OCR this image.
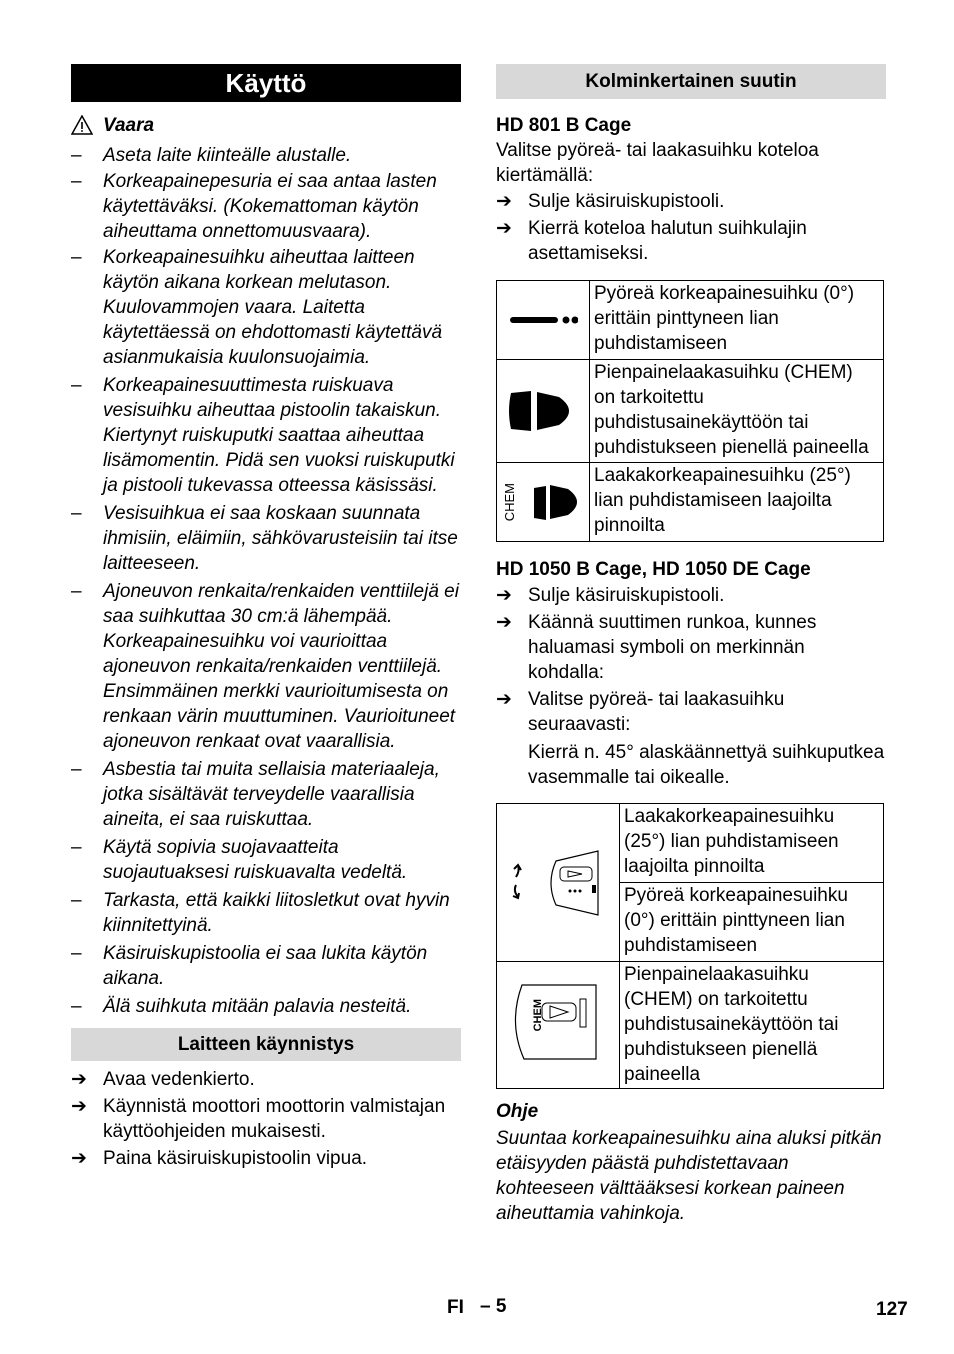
Käyttö
Vaara
–	Aseta laite kiinteälle alustalle.
–	Korkeapainepesuria ei saa antaa lasten käytettäväksi. (Kokemattoman käytön aiheuttama onnettomuusvaara).
–	Korkeapainesuihku aiheuttaa laitteen käytön aikana korkean melutason. Kuulovammojen vaara. Laitetta käytettäessä on ehdottomasti käytettävä asianmukaisia kuulonsuojaimia.
–	Korkeapainesuuttimesta ruiskuava vesisuihku aiheuttaa pistoolin takaiskun. Kiertynyt ruiskuputki saattaa aiheuttaa lisämomentin. Pidä sen vuoksi ruiskuputki ja pistooli tukevassa otteessa käsissäsi.
–	Vesisuihkua ei saa koskaan suunnata ihmisiin, eläimiin, sähkövarusteisiin tai itse laitteeseen.
–	Ajoneuvon renkaita/renkaiden venttiilejä ei saa suihkuttaa 30 cm:ä lähempää. Korkeapainesuihku voi vaurioittaa ajoneuvon renkaita/renkaiden venttiilejä. Ensimmäinen merkki vaurioitumisesta on renkaan värin muuttuminen. Vaurioituneet ajoneuvon renkaat ovat vaarallisia.
–	Asbestia tai muita sellaisia materiaaleja, jotka sisältävät terveydelle vaarallisia aineita, ei saa ruiskuttaa.
–	Käytä sopivia suojavaatteita suojautuaksesi ruiskuavalta vedeltä.
–	Tarkasta, että kaikki liitosletkut ovat hyvin kiinnitettyinä.
–	Käsiruiskupistoolia ei saa lukita käytön aikana.
–	Älä suihkuta mitään palavia nesteitä.
Laitteen käynnistys
➔ Avaa vedenkierto.
➔ Käynnistä moottori moottorin valmistajan käyttöohjeiden mukaisesti.
➔ Paina käsiruiskupistoolin vipua.
Kolminkertainen suutin
HD 801 B Cage
Valitse pyöreä- tai laakasuihku koteloa kiertämällä:
➔ Sulje käsiruiskupistooli.
➔ Kierrä koteloa halutun suihkulajin asettamiseksi.
	Pyöreä korkeapainesuihku (0°) erittäin pinttyneen lian puhdistamiseen

	Pienpainelaakasuihku (CHEM) on tarkoitettu puhdistusainekäyttöön tai puhdistukseen pienellä paineella

CHEM	Laakakorkeapainesuihku (25°) lian puhdistamiseen laajoilta pinnoilta
HD 1050 B Cage, HD 1050 DE Cage
➔ Sulje käsiruiskupistooli.
➔ Käännä suuttimen runkoa, kunnes haluamasi symboli on merkinnän kohdalla:
➔ Valitse pyöreä- tai laakasuihku seuraavasti:
Kierrä n. 45° alaskäännettyä suihkuputkea vasemmalle tai oikealle.
	Laakakorkeapainesuihku (25°) lian puhdistamiseen laajoilta pinnoilta
	Pyöreä korkeapainesuihku (0°) erittäin pinttyneen lian puhdistamiseen

CHEM	Pienpainelaakasuihku (CHEM) on tarkoitettu puhdistusainekäyttöön tai puhdistukseen pienellä paineella
Ohje
Suuntaa korkeapainesuihku aina aluksi pitkän etäisyyden päästä puhdistettavaan kohteeseen välttääksesi korkean paineen aiheuttamia vahinkoja.
FI – 5	127
